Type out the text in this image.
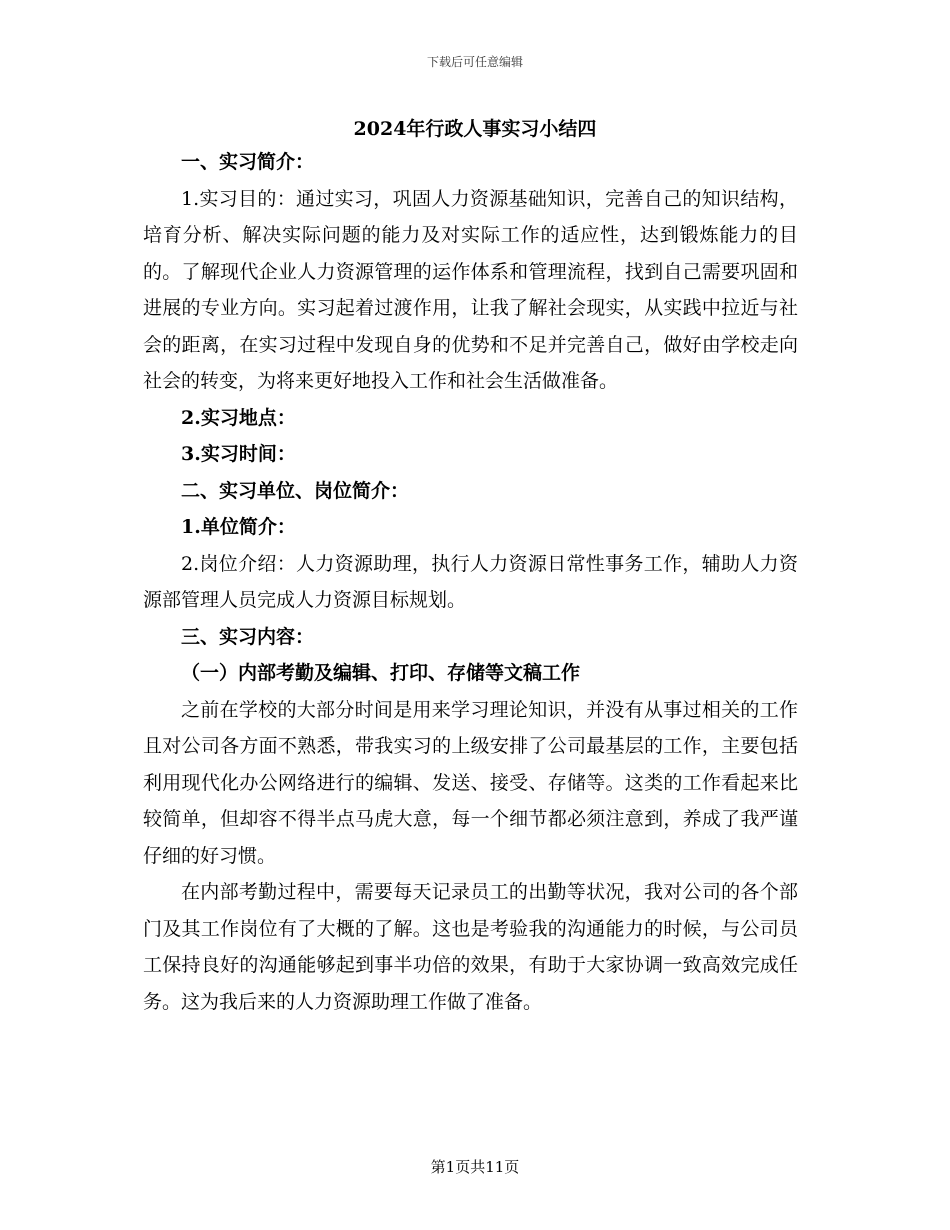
下载后可任意编辑
2024年行政人事实习小结四

一、实习简介：

1.实习目的：通过实习，巩固人力资源基础知识，完善自己的知识结构，培育分析、解决实际问题的能力及对实际工作的适应性，达到锻炼能力的目的。了解现代企业人力资源管理的运作体系和管理流程，找到自己需要巩固和进展的专业方向。实习起着过渡作用，让我了解社会现实，从实践中拉近与社会的距离，在实习过程中发现自身的优势和不足并完善自己，做好由学校走向社会的转变，为将来更好地投入工作和社会生活做准备。

2.实习地点：

3.实习时间：

二、实习单位、岗位简介：

1.单位简介：

2.岗位介绍：人力资源助理，执行人力资源日常性事务工作，辅助人力资源部管理人员完成人力资源目标规划。

三、实习内容：

（一）内部考勤及编辑、打印、存储等文稿工作

之前在学校的大部分时间是用来学习理论知识，并没有从事过相关的工作且对公司各方面不熟悉，带我实习的上级安排了公司最基层的工作，主要包括利用现代化办公网络进行的编辑、发送、接受、存储等。这类的工作看起来比较简单，但却容不得半点马虎大意，每一个细节都必须注意到，养成了我严谨仔细的好习惯。

在内部考勤过程中，需要每天记录员工的出勤等状况，我对公司的各个部门及其工作岗位有了大概的了解。这也是考验我的沟通能力的时候，与公司员工保持良好的沟通能够起到事半功倍的效果，有助于大家协调一致高效完成任务。这为我后来的人力资源助理工作做了准备。

第1页共11页
